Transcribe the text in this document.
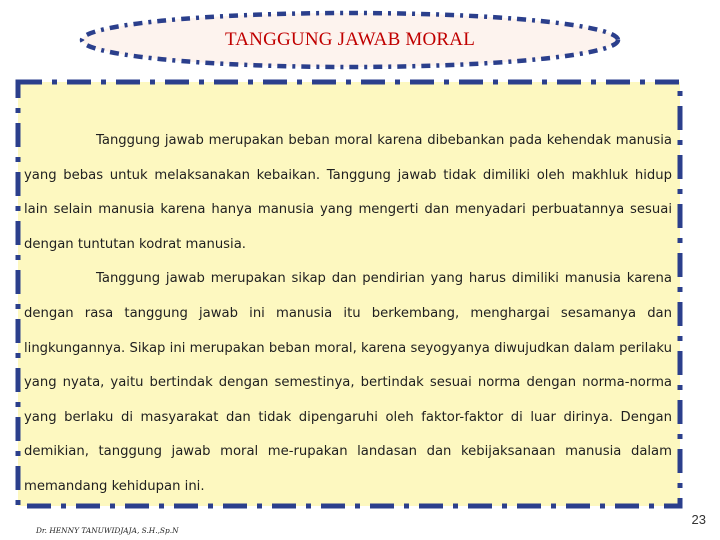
TANGGUNG JAWAB MORAL

Tanggung jawab merupakan beban moral karena dibebankan pada kehendak manusia yang bebas untuk melaksanakan kebaikan. Tanggung jawab tidak dimiliki oleh makhluk hidup lain selain manusia karena hanya manusia yang mengerti dan menyadari perbuatannya sesuai dengan tuntutan kodrat manusia.

Tanggung jawab merupakan sikap dan pendirian yang harus dimiliki manusia karena dengan rasa tanggung jawab ini manusia itu berkembang, menghargai sesamanya dan lingkungannya. Sikap ini merupakan beban moral, karena seyogyanya diwujudkan dalam perilaku yang nyata, yaitu bertindak dengan semestinya, bertindak sesuai norma dengan norma-norma yang berlaku di masyarakat dan tidak dipengaruhi oleh faktor-faktor di luar dirinya. Dengan demikian, tanggung jawab moral me-rupakan landasan dan kebijaksanaan manusia dalam memandang kehidupan ini.

Dr. HENNY TANUWIDJAJA, S.H.,Sp.N
23
